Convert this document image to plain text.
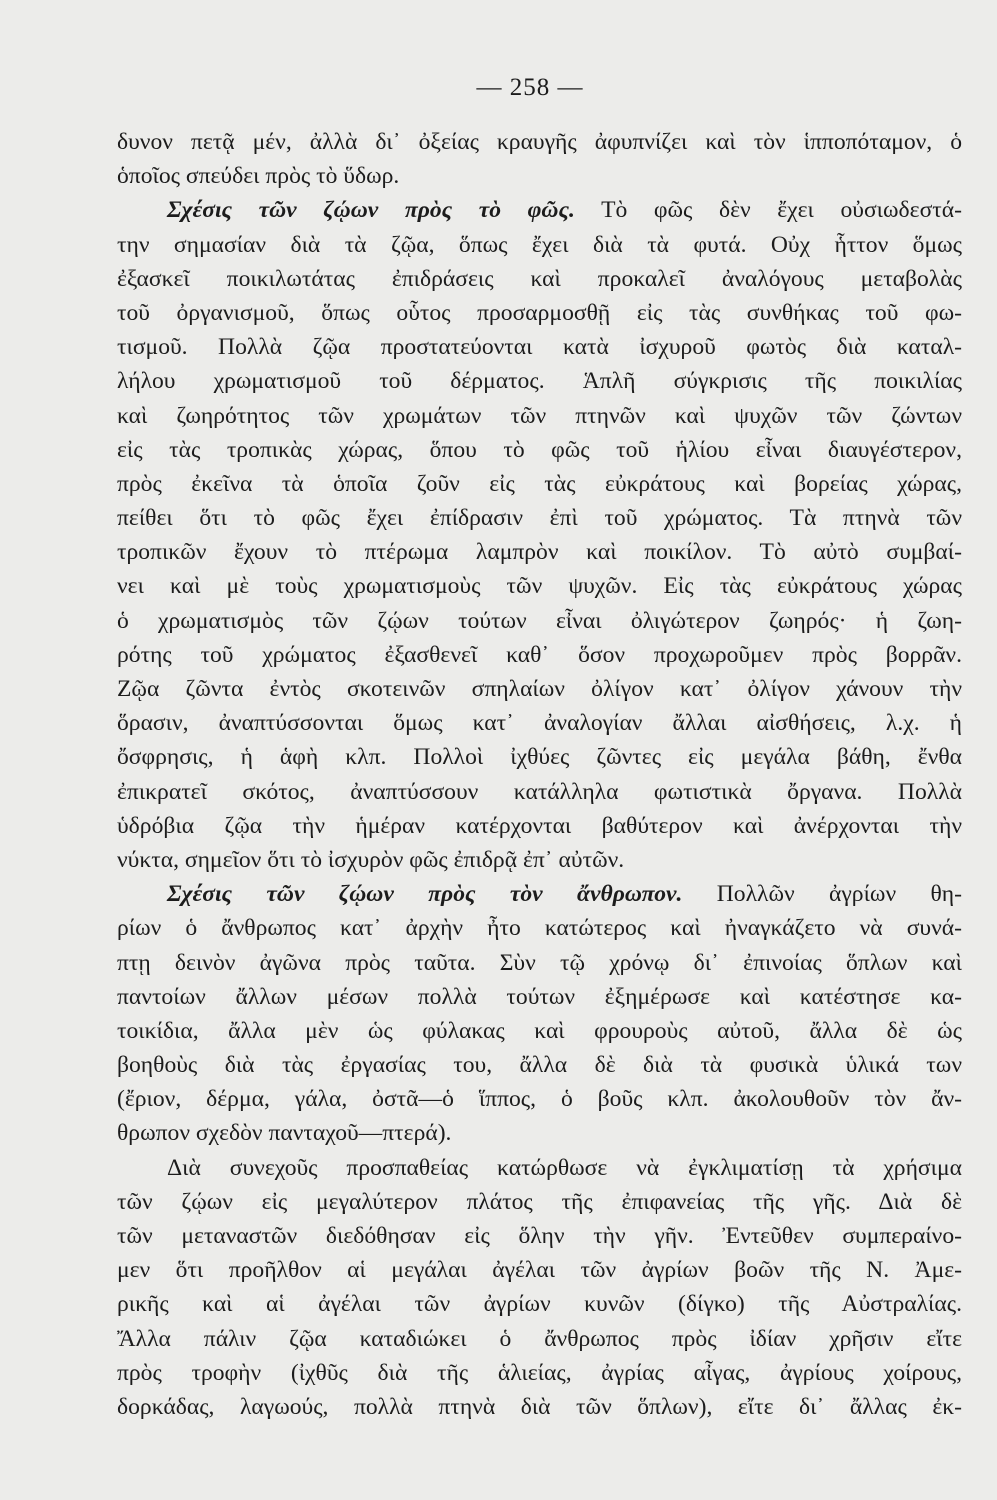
— 258 —
δυνον πετᾷ μέν, ἀλλὰ δι᾽ ὀξείας κραυγῆς ἀφυπνίζει καὶ τὸν ἱπποπόταμον, ὁ
ὁποῖος σπεύδει πρὸς τὸ ὕδωρ.
Σχέσις τῶν ζῴων πρὸς τὸ φῶς. Τὸ φῶς δὲν ἔχει οὐσιωδεστά-
την σημασίαν διὰ τὰ ζῷα, ὅπως ἔχει διὰ τὰ φυτά. Οὐχ ἧττον ὅμως
ἐξασκεῖ ποικιλωτάτας ἐπιδράσεις καὶ προκαλεῖ ἀναλόγους μεταβολὰς
τοῦ ὀργανισμοῦ, ὅπως οὗτος προσαρμοσθῇ εἰς τὰς συνθήκας τοῦ φω-
τισμοῦ. Πολλὰ ζῷα προστατεύονται κατὰ ἰσχυροῦ φωτὸς διὰ καταλ-
λήλου χρωματισμοῦ τοῦ δέρματος. Ἁπλῆ σύγκρισις τῆς ποικιλίας
καὶ ζωηρότητος τῶν χρωμάτων τῶν πτηνῶν καὶ ψυχῶν τῶν ζώντων
εἰς τὰς τροπικὰς χώρας, ὅπου τὸ φῶς τοῦ ἡλίου εἶναι διαυγέστερον,
πρὸς ἐκεῖνα τὰ ὁποῖα ζοῦν εἰς τὰς εὐκράτους καὶ βορείας χώρας,
πείθει ὅτι τὸ φῶς ἔχει ἐπίδρασιν ἐπὶ τοῦ χρώματος. Τὰ πτηνὰ τῶν
τροπικῶν ἔχουν τὸ πτέρωμα λαμπρὸν καὶ ποικίλον. Τὸ αὐτὸ συμβαί-
νει καὶ μὲ τοὺς χρωματισμοὺς τῶν ψυχῶν. Εἰς τὰς εὐκράτους χώρας
ὁ χρωματισμὸς τῶν ζῴων τούτων εἶναι ὀλιγώτερον ζωηρός· ἡ ζωη-
ρότης τοῦ χρώματος ἐξασθενεῖ καθ᾽ ὅσον προχωροῦμεν πρὸς βορρᾶν.
Ζῷα ζῶντα ἐντὸς σκοτεινῶν σπηλαίων ὀλίγον κατ᾽ ὀλίγον χάνουν τὴν
ὅρασιν, ἀναπτύσσονται ὅμως κατ᾽ ἀναλογίαν ἄλλαι αἰσθήσεις, λ.χ. ἡ
ὄσφρησις, ἡ ἁφὴ κλπ. Πολλοὶ ἰχθύες ζῶντες εἰς μεγάλα βάθη, ἔνθα
ἐπικρατεῖ σκότος, ἀναπτύσσουν κατάλληλα φωτιστικὰ ὄργανα. Πολλὰ
ὑδρόβια ζῷα τὴν ἡμέραν κατέρχονται βαθύτερον καὶ ἀνέρχονται τὴν
νύκτα, σημεῖον ὅτι τὸ ἰσχυρὸν φῶς ἐπιδρᾷ ἐπ᾽ αὐτῶν.
Σχέσις τῶν ζῴων πρὸς τὸν ἄνθρωπον. Πολλῶν ἀγρίων θη-
ρίων ὁ ἄνθρωπος κατ᾽ ἀρχὴν ἦτο κατώτερος καὶ ἠναγκάζετο νὰ συνά-
πτῃ δεινὸν ἀγῶνα πρὸς ταῦτα. Σὺν τῷ χρόνῳ δι᾽ ἐπινοίας ὅπλων καὶ
παντοίων ἄλλων μέσων πολλὰ τούτων ἐξημέρωσε καὶ κατέστησε κα-
τοικίδια, ἄλλα μὲν ὡς φύλακας καὶ φρουροὺς αὐτοῦ, ἄλλα δὲ ὡς
βοηθοὺς διὰ τὰς ἐργασίας του, ἄλλα δὲ διὰ τὰ φυσικὰ ὑλικά των
(ἔριον, δέρμα, γάλα, ὀστᾶ—ὁ ἵππος, ὁ βοῦς κλπ. ἀκολουθοῦν τὸν ἄν-
θρωπον σχεδὸν πανταχοῦ—πτερά).
Διὰ συνεχοῦς προσπαθείας κατώρθωσε νὰ ἐγκλιματίσῃ τὰ χρήσιμα
τῶν ζῴων εἰς μεγαλύτερον πλάτος τῆς ἐπιφανείας τῆς γῆς. Διὰ δὲ
τῶν μεταναστῶν διεδόθησαν εἰς ὅλην τὴν γῆν. Ἐντεῦθεν συμπεραίνο-
μεν ὅτι προῆλθον αἱ μεγάλαι ἀγέλαι τῶν ἀγρίων βοῶν τῆς Ν. Ἀμε-
ρικῆς καὶ αἱ ἀγέλαι τῶν ἀγρίων κυνῶν (δίγκο) τῆς Αὐστραλίας.
Ἄλλα πάλιν ζῷα καταδιώκει ὁ ἄνθρωπος πρὸς ἰδίαν χρῆσιν εἴτε
πρὸς τροφὴν (ἰχθῦς διὰ τῆς ἁλιείας, ἀγρίας αἶγας, ἀγρίους χοίρους,
δορκάδας, λαγωούς, πολλὰ πτηνὰ διὰ τῶν ὅπλων), εἴτε δι᾽ ἄλλας ἐκ-
